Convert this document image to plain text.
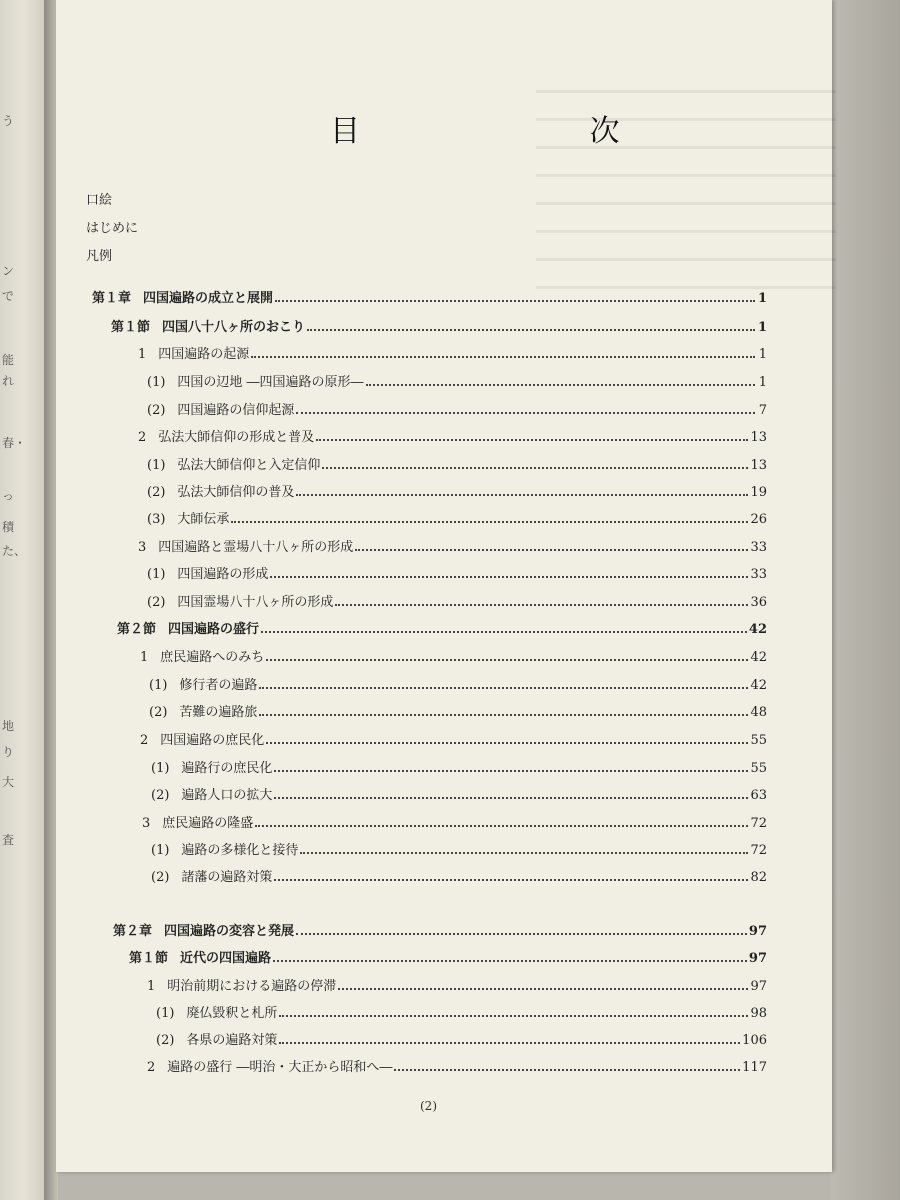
う
ン
で
能
れ
春・
っ
積
た、
地
り
大
査
目 次
口絵
はじめに
凡例
第１章 四国遍路の成立と展開	1
第１節 四国八十八ヶ所のおこり	1
1 四国遍路の起源	1
(1) 四国の辺地 ―四国遍路の原形―	1
(2) 四国遍路の信仰起源	7
2 弘法大師信仰の形成と普及	13
(1) 弘法大師信仰と入定信仰	13
(2) 弘法大師信仰の普及	19
(3) 大師伝承	26
3 四国遍路と霊場八十八ヶ所の形成	33
(1) 四国遍路の形成	33
(2) 四国霊場八十八ヶ所の形成	36
第２節 四国遍路の盛行	42
1 庶民遍路へのみち	42
(1) 修行者の遍路	42
(2) 苦難の遍路旅	48
2 四国遍路の庶民化	55
(1) 遍路行の庶民化	55
(2) 遍路人口の拡大	63
3 庶民遍路の隆盛	72
(1) 遍路の多様化と接待	72
(2) 諸藩の遍路対策	82
第２章 四国遍路の変容と発展	97
第１節 近代の四国遍路	97
1 明治前期における遍路の停滞	97
(1) 廃仏毀釈と札所	98
(2) 各県の遍路対策	106
2 遍路の盛行 ―明治・大正から昭和へ―	117
(2)
